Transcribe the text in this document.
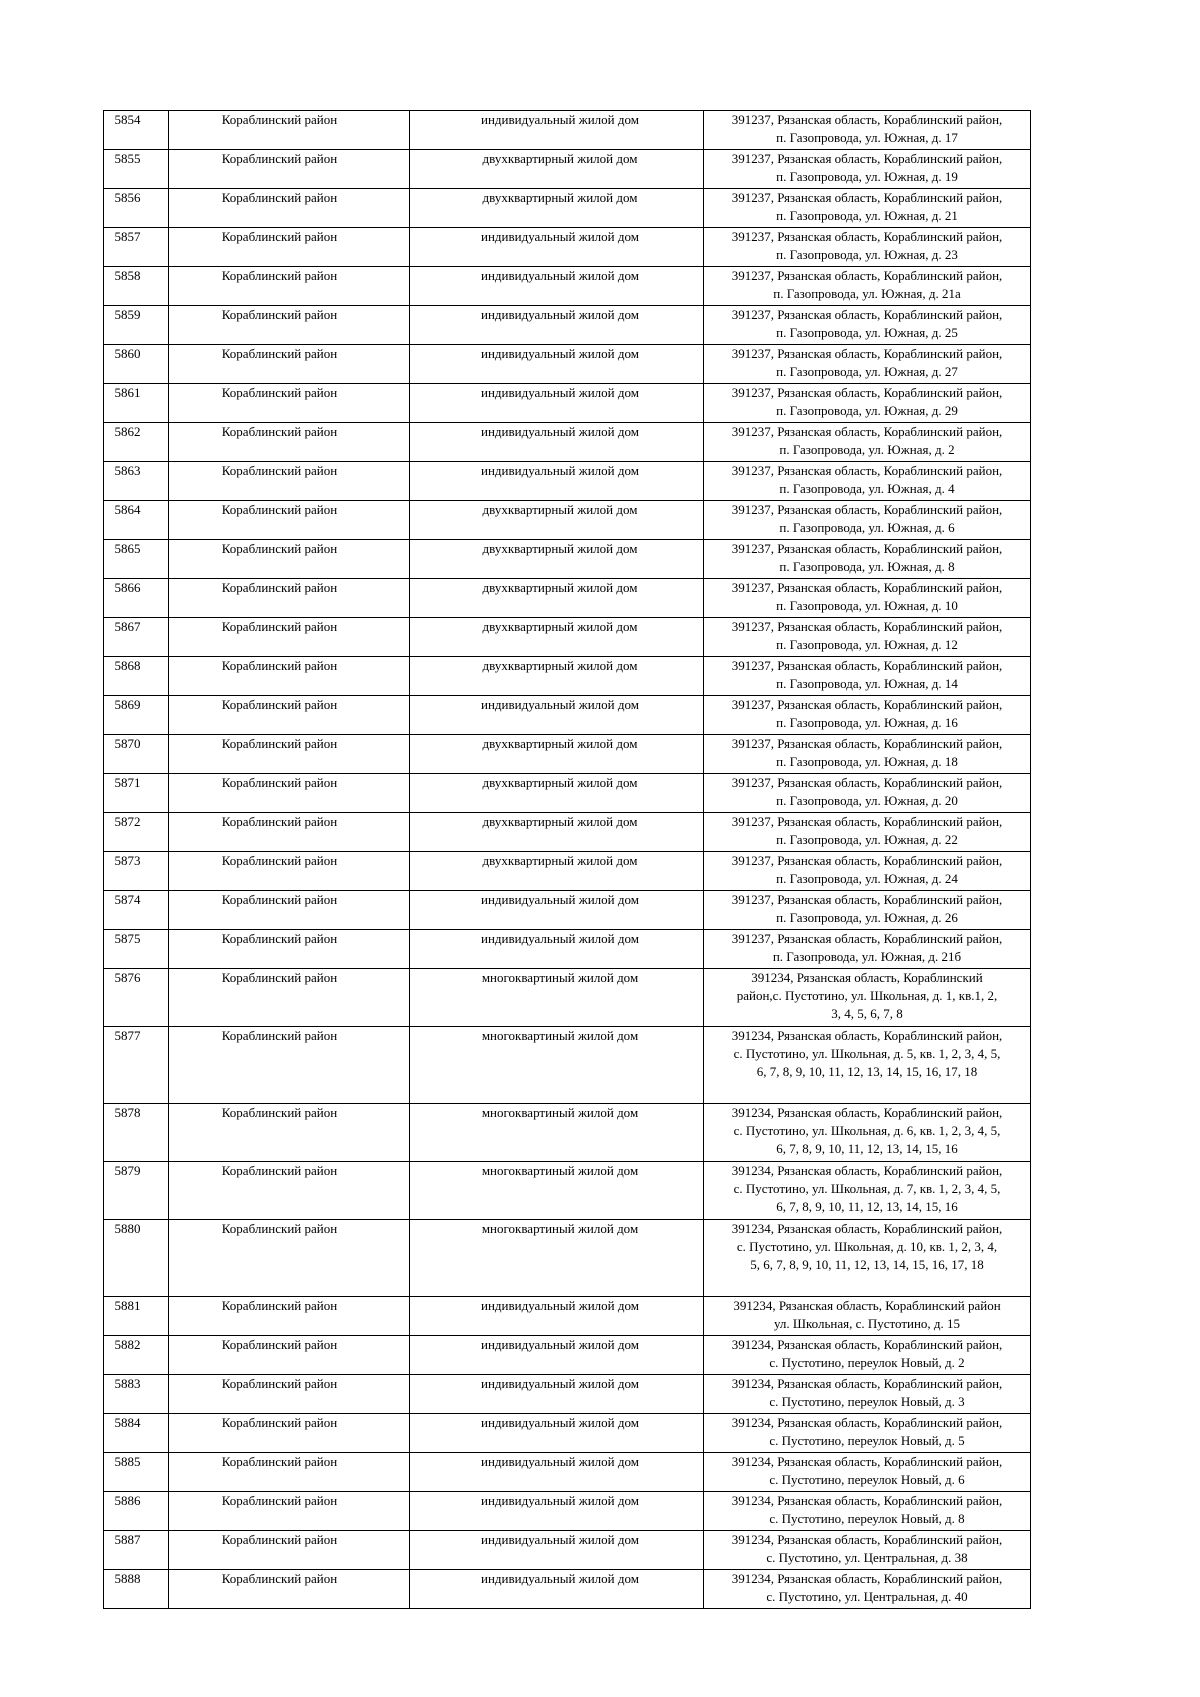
5854	Кораблинский район	индивидуальный жилой дом	391237, Рязанская область, Кораблинский район,
п. Газопровода, ул. Южная, д. 17

5855	Кораблинский район	двухквартирный жилой дом	391237, Рязанская область, Кораблинский район,
п. Газопровода, ул. Южная, д. 19

5856	Кораблинский район	двухквартирный жилой дом	391237, Рязанская область, Кораблинский район,
п. Газопровода, ул. Южная, д. 21

5857	Кораблинский район	индивидуальный жилой дом	391237, Рязанская область, Кораблинский район,
п. Газопровода, ул. Южная, д. 23

5858	Кораблинский район	индивидуальный жилой дом	391237, Рязанская область, Кораблинский район,
п. Газопровода, ул. Южная, д. 21а

5859	Кораблинский район	индивидуальный жилой дом	391237, Рязанская область, Кораблинский район,
п. Газопровода, ул. Южная, д. 25

5860	Кораблинский район	индивидуальный жилой дом	391237, Рязанская область, Кораблинский район,
п. Газопровода, ул. Южная, д. 27

5861	Кораблинский район	индивидуальный жилой дом	391237, Рязанская область, Кораблинский район,
п. Газопровода, ул. Южная, д. 29

5862	Кораблинский район	индивидуальный жилой дом	391237, Рязанская область, Кораблинский район,
п. Газопровода, ул. Южная, д. 2

5863	Кораблинский район	индивидуальный жилой дом	391237, Рязанская область, Кораблинский район,
п. Газопровода, ул. Южная, д. 4

5864	Кораблинский район	двухквартирный жилой дом	391237, Рязанская область, Кораблинский район,
п. Газопровода, ул. Южная, д. 6

5865	Кораблинский район	двухквартирный жилой дом	391237, Рязанская область, Кораблинский район,
п. Газопровода, ул. Южная, д. 8

5866	Кораблинский район	двухквартирный жилой дом	391237, Рязанская область, Кораблинский район,
п. Газопровода, ул. Южная, д. 10

5867	Кораблинский район	двухквартирный жилой дом	391237, Рязанская область, Кораблинский район,
п. Газопровода, ул. Южная, д. 12

5868	Кораблинский район	двухквартирный жилой дом	391237, Рязанская область, Кораблинский район,
п. Газопровода, ул. Южная, д. 14

5869	Кораблинский район	индивидуальный жилой дом	391237, Рязанская область, Кораблинский район,
п. Газопровода, ул. Южная, д. 16

5870	Кораблинский район	двухквартирный жилой дом	391237, Рязанская область, Кораблинский район,
п. Газопровода, ул. Южная, д. 18

5871	Кораблинский район	двухквартирный жилой дом	391237, Рязанская область, Кораблинский район,
п. Газопровода, ул. Южная, д. 20

5872	Кораблинский район	двухквартирный жилой дом	391237, Рязанская область, Кораблинский район,
п. Газопровода, ул. Южная, д. 22

5873	Кораблинский район	двухквартирный жилой дом	391237, Рязанская область, Кораблинский район,
п. Газопровода, ул. Южная, д. 24

5874	Кораблинский район	индивидуальный жилой дом	391237, Рязанская область, Кораблинский район,
п. Газопровода, ул. Южная, д. 26

5875	Кораблинский район	индивидуальный жилой дом	391237, Рязанская область, Кораблинский район,
п. Газопровода, ул. Южная, д. 21б

5876	Кораблинский район	многоквартиный жилой дом	391234, Рязанская область, Кораблинский
район,с. Пустотино, ул. Школьная, д. 1, кв.1, 2,
3, 4, 5, 6, 7, 8

5877	Кораблинский район	многоквартиный жилой дом	391234, Рязанская область, Кораблинский район,
с. Пустотино, ул. Школьная, д. 5, кв. 1, 2, 3, 4, 5,
6, 7, 8, 9, 10, 11, 12, 13, 14, 15, 16, 17, 18

5878	Кораблинский район	многоквартиный жилой дом	391234, Рязанская область, Кораблинский район,
с. Пустотино, ул. Школьная, д. 6, кв. 1, 2, 3, 4, 5,
6, 7, 8, 9, 10, 11, 12, 13, 14, 15, 16

5879	Кораблинский район	многоквартиный жилой дом	391234, Рязанская область, Кораблинский район,
с. Пустотино, ул. Школьная, д. 7, кв. 1, 2, 3, 4, 5,
6, 7, 8, 9, 10, 11, 12, 13, 14, 15, 16

5880	Кораблинский район	многоквартиный жилой дом	391234, Рязанская область, Кораблинский район,
с. Пустотино, ул. Школьная, д. 10, кв. 1, 2, 3, 4,
5, 6, 7, 8, 9, 10, 11, 12, 13, 14, 15, 16, 17, 18

5881	Кораблинский район	индивидуальный жилой дом	391234, Рязанская область, Кораблинский район
ул. Школьная, с. Пустотино, д. 15

5882	Кораблинский район	индивидуальный жилой дом	391234, Рязанская область, Кораблинский район,
с. Пустотино, переулок Новый, д. 2

5883	Кораблинский район	индивидуальный жилой дом	391234, Рязанская область, Кораблинский район,
с. Пустотино, переулок Новый, д. 3

5884	Кораблинский район	индивидуальный жилой дом	391234, Рязанская область, Кораблинский район,
с. Пустотино, переулок Новый, д. 5

5885	Кораблинский район	индивидуальный жилой дом	391234, Рязанская область, Кораблинский район,
с. Пустотино, переулок Новый, д. 6

5886	Кораблинский район	индивидуальный жилой дом	391234, Рязанская область, Кораблинский район,
с. Пустотино, переулок Новый, д. 8

5887	Кораблинский район	индивидуальный жилой дом	391234, Рязанская область, Кораблинский район,
с. Пустотино, ул. Центральная, д. 38

5888	Кораблинский район	индивидуальный жилой дом	391234, Рязанская область, Кораблинский район,
с. Пустотино, ул. Центральная, д. 40
